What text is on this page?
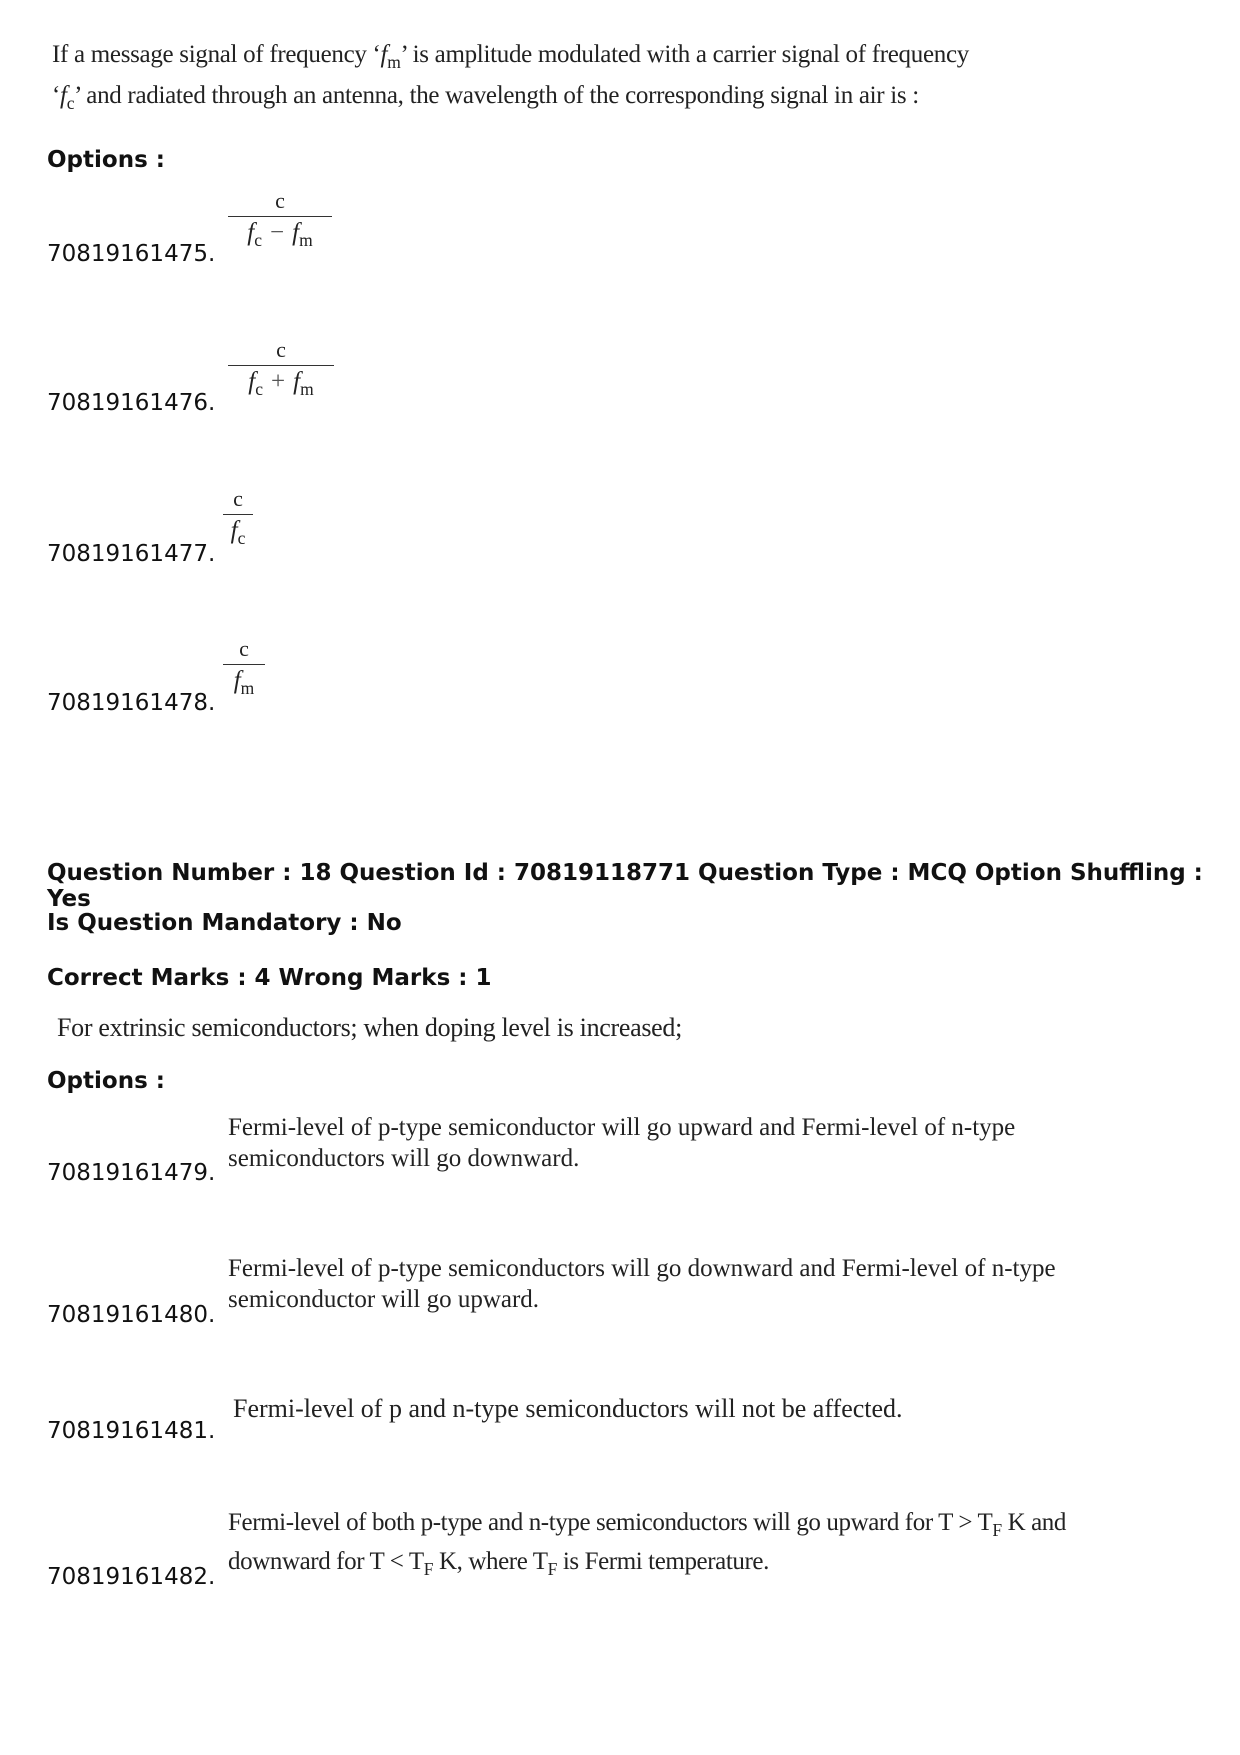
If a message signal of frequency ‘$f_m$’ is amplitude modulated with a carrier signal of frequency
‘$f_c$’ and radiated through an antenna, the wavelength of the corresponding signal in air is :
Options :
70819161475.
c
$f_c - f_m$
70819161476.
c
$f_c + f_m$
70819161477.
c
$f_c$
70819161478.
c
$f_m$
Question Number : 18 Question Id : 70819118771 Question Type : MCQ Option Shuffling : Yes
Is Question Mandatory : No
Correct Marks : 4 Wrong Marks : 1
For extrinsic semiconductors; when doping level is increased;
Options :
70819161479.
Fermi-level of p-type semiconductor will go upward and Fermi-level of n-type
semiconductors will go downward.
70819161480.
Fermi-level of p-type semiconductors will go downward and Fermi-level of n-type
semiconductor will go upward.
70819161481.
Fermi-level of p and n-type semiconductors will not be affected.
70819161482.
Fermi-level of both p-type and n-type semiconductors will go upward for $T > T_F$ K and
downward for $T < T_F$ K, where $T_F$ is Fermi temperature.
